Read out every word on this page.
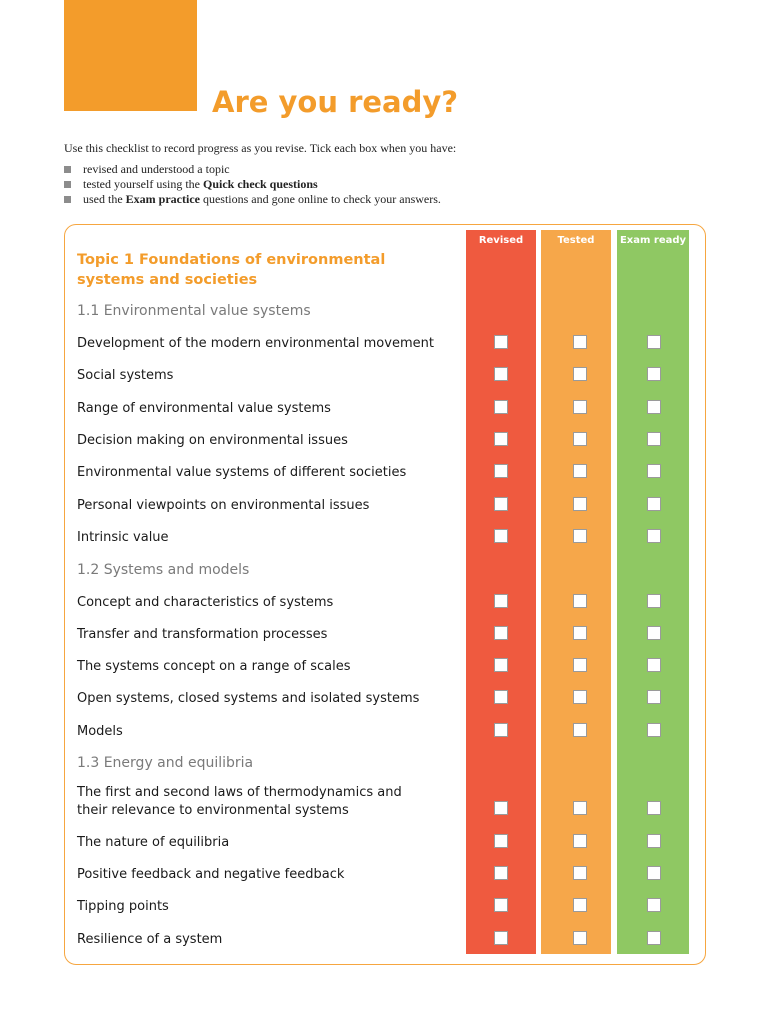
Are you ready?
Use this checklist to record progress as you revise. Tick each box when you have:
revised and understood a topic
tested yourself using the Quick check questions
used the Exam practice questions and gone online to check your answers.
Revised	Tested	Exam ready
Topic 1 Foundations of environmental systems and societies
1.1 Environmental value systems
Development of the modern environmental movement
Social systems
Range of environmental value systems
Decision making on environmental issues
Environmental value systems of different societies
Personal viewpoints on environmental issues
Intrinsic value
1.2 Systems and models
Concept and characteristics of systems
Transfer and transformation processes
The systems concept on a range of scales
Open systems, closed systems and isolated systems
Models
1.3 Energy and equilibria
The first and second laws of thermodynamics and their relevance to environmental systems
The nature of equilibria
Positive feedback and negative feedback
Tipping points
Resilience of a system
